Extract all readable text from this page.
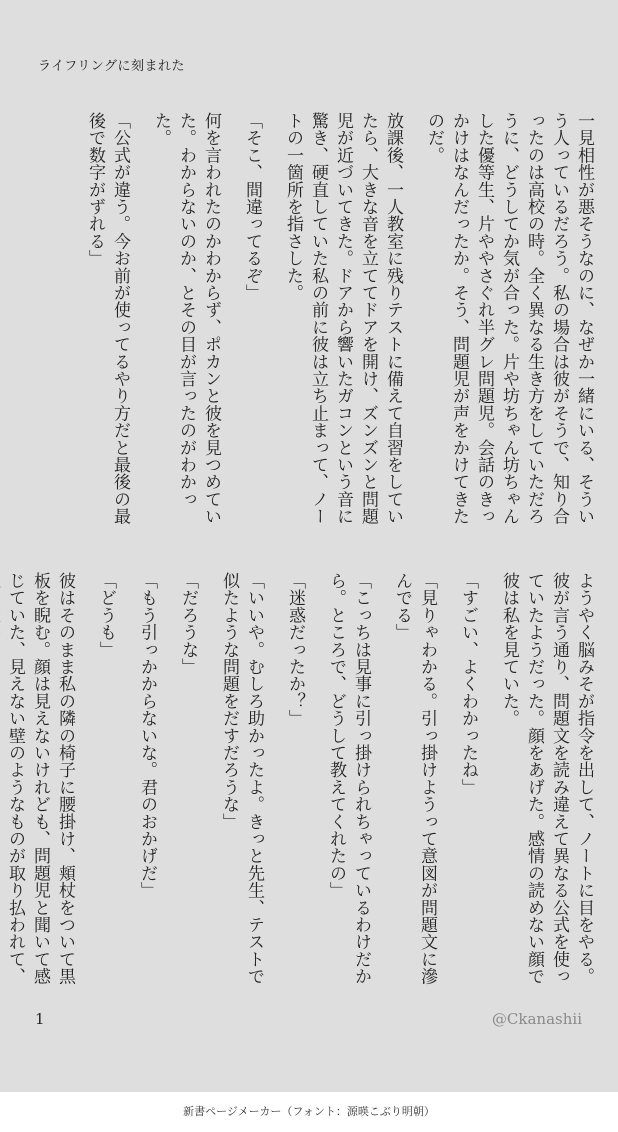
ライフリングに刻まれた

一見相性が悪そうなのに、なぜか一緒にいる、そういう人っているだろう。私の場合は彼がそうで、知り合ったのは高校の時。全く異なる生き方をしていただろうに、どうしてか気が合った。片や坊ちゃん坊ちゃんした優等生、片ややさぐれ半グレ問題児。会話のきっかけはなんだったか。そう、問題児が声をかけてきたのだ。

放課後、一人教室に残りテストに備えて自習をしていたら、大きな音を立ててドアを開け、ズンズンと問題児が近づいてきた。ドアから響いたガコンという音に驚き、硬直していた私の前に彼は立ち止まって、ノートの一箇所を指さした。

「そこ、間違ってるぞ」

何を言われたのかわからず、ポカンと彼を見つめていた。わからないのか、とその目が言ったのがわかった。

「公式が違う。今お前が使ってるやり方だと最後の最後で数字がずれる」

ようやく脳みそが指令を出して、ノートに目をやる。彼が言う通り、問題文を読み違えて異なる公式を使っていたようだった。顔をあげた。感情の読めない顔で彼は私を見ていた。

「すごい、よくわかったね」

「見りゃわかる。引っ掛けようって意図が問題文に滲んでる」

「こっちは見事に引っ掛けられちゃっているわけだから。ところで、どうして教えてくれたの」

「迷惑だったか？」

「いいや。むしろ助かったよ。きっと先生、テストで似たような問題をだすだろうな」

「だろうな」

「もう引っかからないな。君のおかげだ」

「どうも」

彼はそのまま私の隣の椅子に腰掛け、頬杖をついて黒板を睨む。顔は見えないけれども、問題児と聞いて感じていた、見えない壁のようなものが取り払われて、

1	@Ckanashii
新書ページメーカー（フォント：源暎こぶり明朝）
